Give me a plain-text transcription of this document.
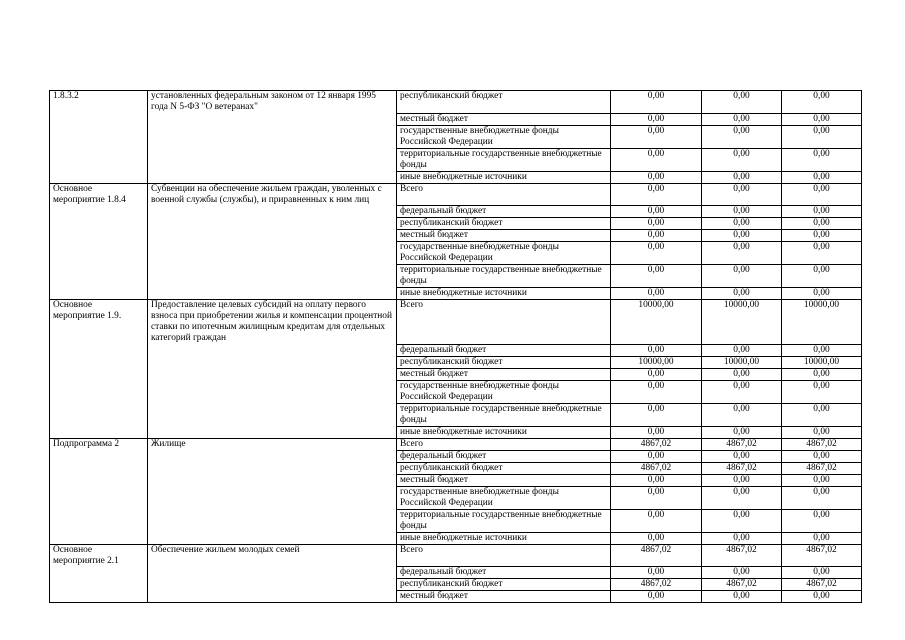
1.8.3.2	установленных федеральным законом от 12 января 1995 года N 5-ФЗ "О ветеранах"	республиканский бюджет	0,00	0,00	0,00
		местный бюджет	0,00	0,00	0,00
		государственные внебюджетные фонды Российской Федерации	0,00	0,00	0,00
		территориальные государственные внебюджетные фонды	0,00	0,00	0,00
		иные внебюджетные источники	0,00	0,00	0,00
Основное мероприятие 1.8.4	Субвенции на обеспечение жильем граждан, уволенных с военной службы (службы), и приравненных к ним лиц	Всего	0,00	0,00	0,00
		федеральный бюджет	0,00	0,00	0,00
		республиканский бюджет	0,00	0,00	0,00
		местный бюджет	0,00	0,00	0,00
		государственные внебюджетные фонды Российской Федерации	0,00	0,00	0,00
		территориальные государственные внебюджетные фонды	0,00	0,00	0,00
		иные внебюджетные источники	0,00	0,00	0,00
Основное мероприятие 1.9.	Предоставление целевых субсидий на оплату первого взноса при приобретении жилья и компенсации процентной ставки по ипотечным жилищным кредитам для отдельных категорий граждан	Всего	10000,00	10000,00	10000,00
		федеральный бюджет	0,00	0,00	0,00
		республиканский бюджет	10000,00	10000,00	10000,00
		местный бюджет	0,00	0,00	0,00
		государственные внебюджетные фонды Российской Федерации	0,00	0,00	0,00
		территориальные государственные внебюджетные фонды	0,00	0,00	0,00
		иные внебюджетные источники	0,00	0,00	0,00
Подпрограмма 2	Жилище	Всего	4867,02	4867,02	4867,02
		федеральный бюджет	0,00	0,00	0,00
		республиканский бюджет	4867,02	4867,02	4867,02
		местный бюджет	0,00	0,00	0,00
		государственные внебюджетные фонды Российской Федерации	0,00	0,00	0,00
		территориальные государственные внебюджетные фонды	0,00	0,00	0,00
		иные внебюджетные источники	0,00	0,00	0,00
Основное мероприятие 2.1	Обеспечение жильем молодых семей	Всего	4867,02	4867,02	4867,02
		федеральный бюджет	0,00	0,00	0,00
		республиканский бюджет	4867,02	4867,02	4867,02
		местный бюджет	0,00	0,00	0,00
